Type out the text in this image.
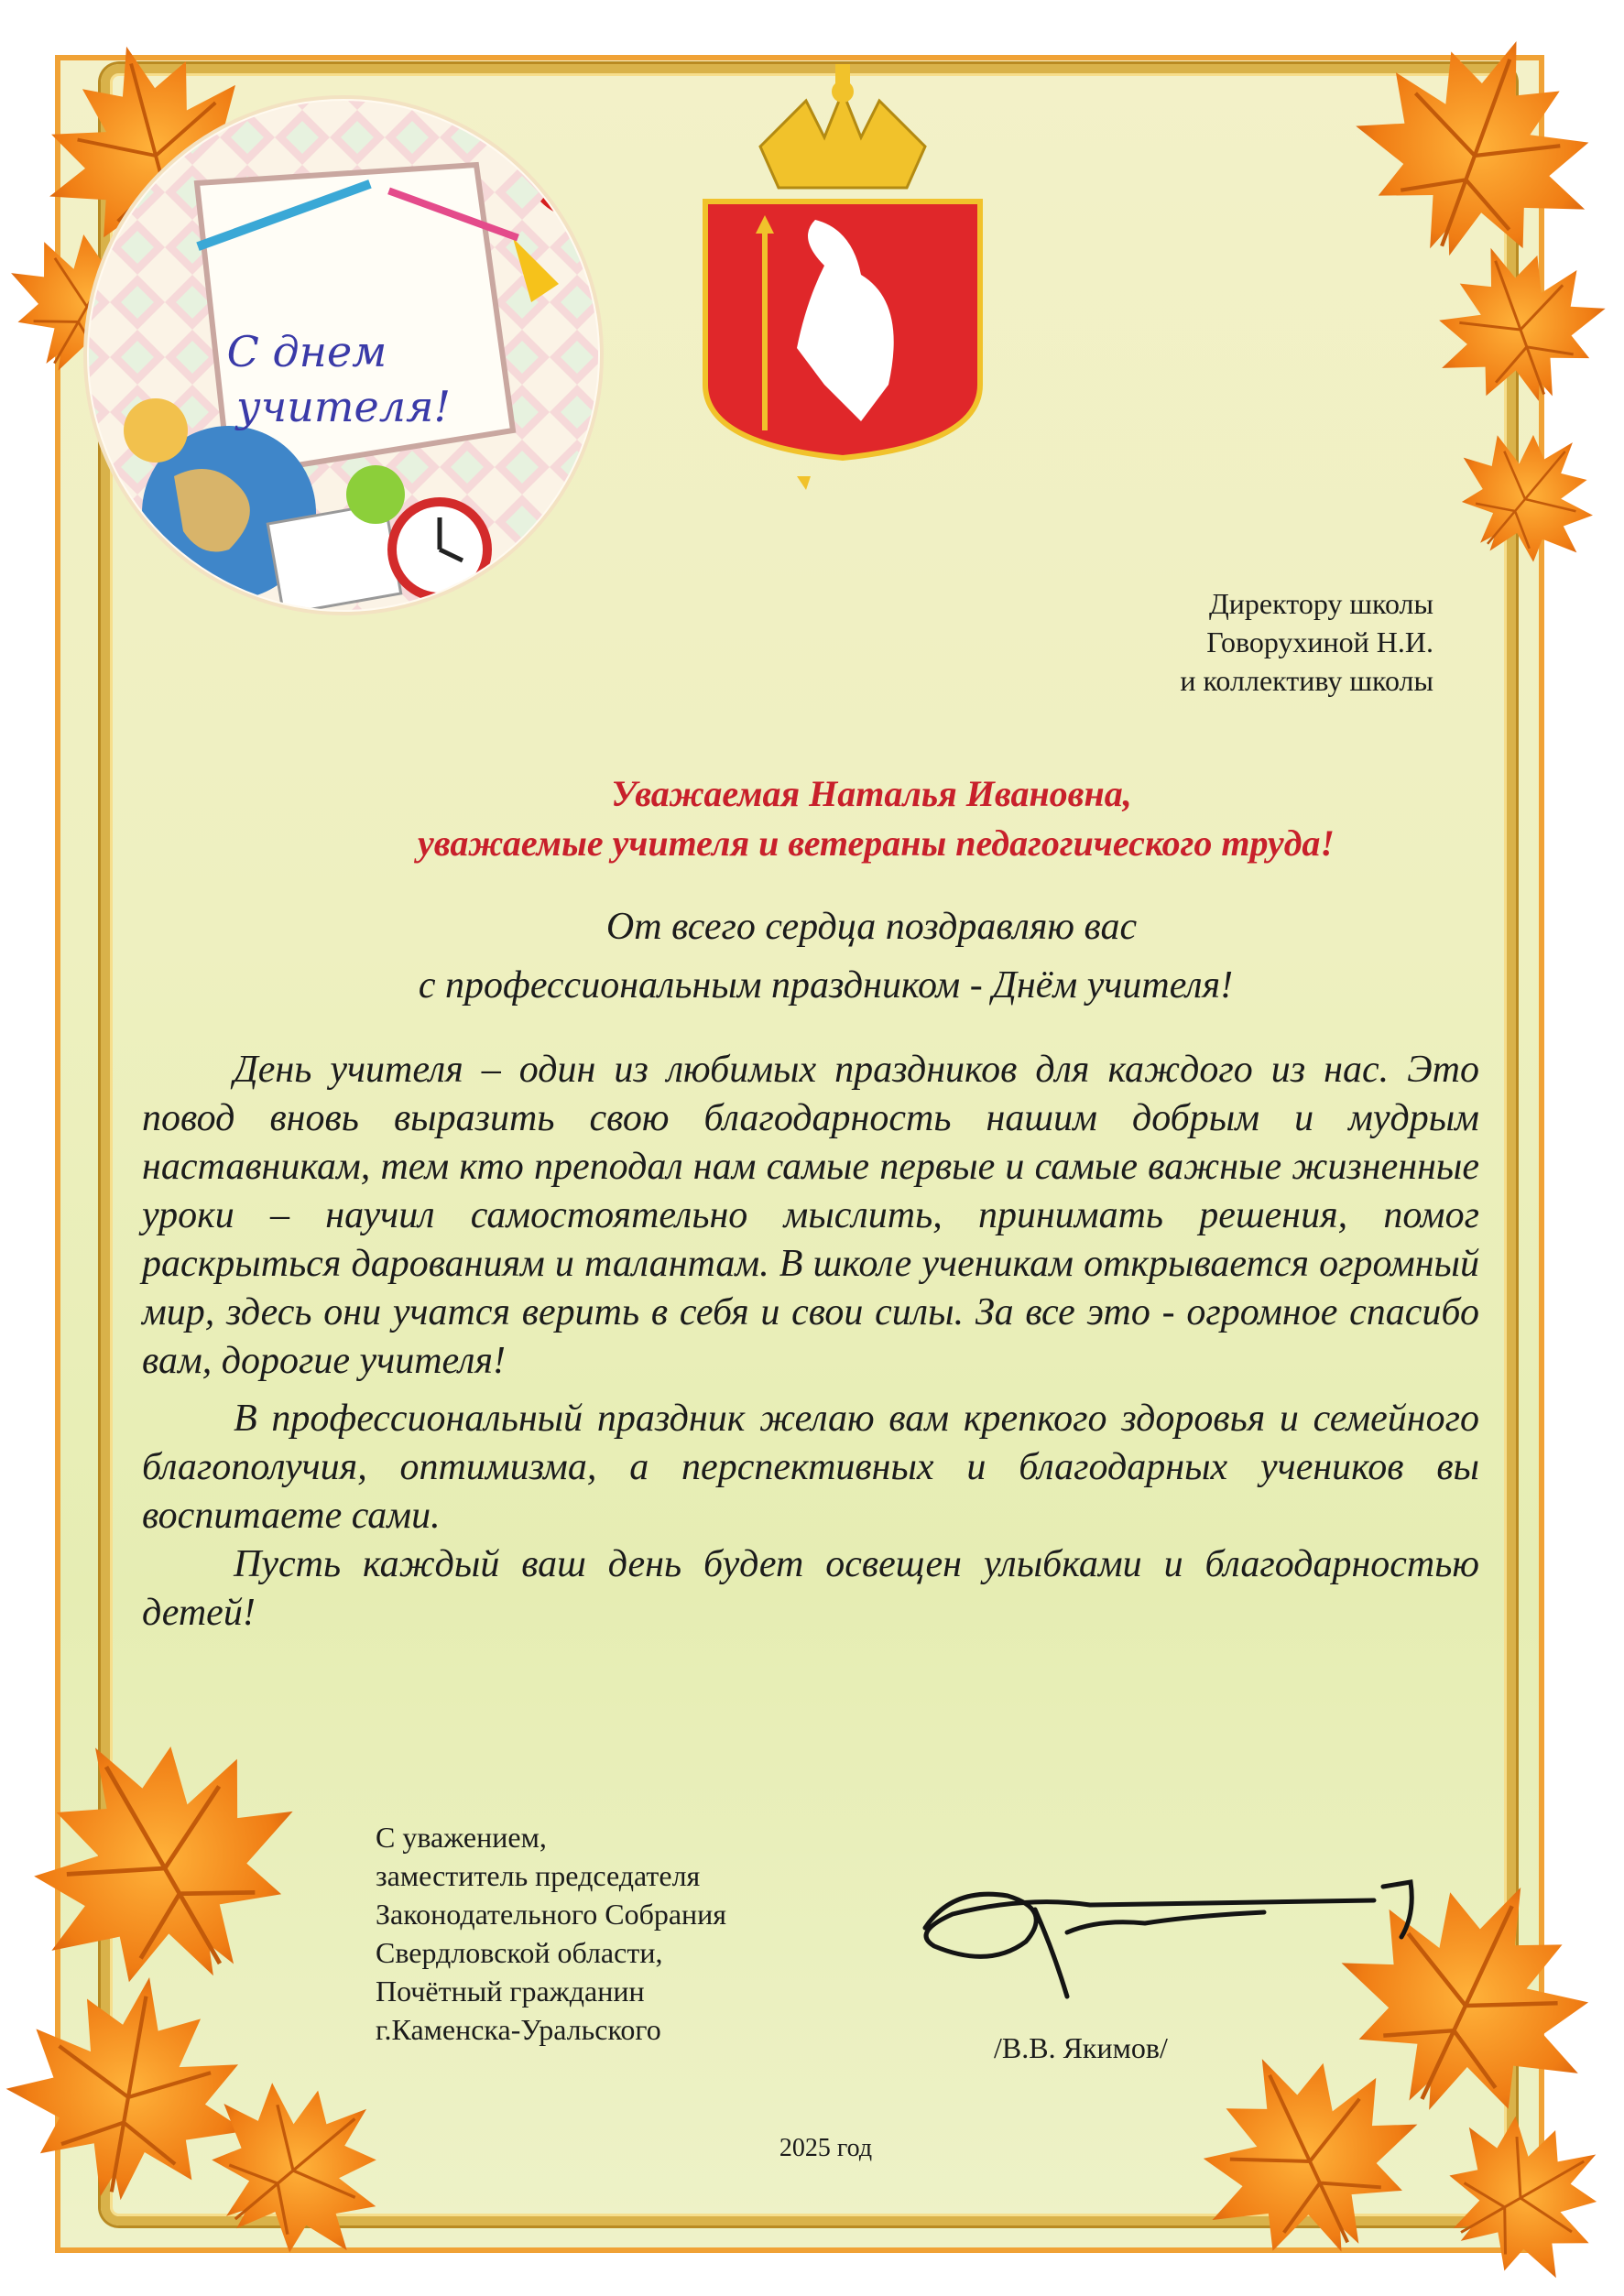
С днем
учителя!
Директору школы
Говорухиной Н.И.
и коллективу школы
Уважаемая Наталья Ивановна,
уважаемые учителя и ветераны педагогического труда!
От всего сердца поздравляю вас
с профессиональным праздником - Днём учителя!

День учителя – один из любимых праздников для каждого из нас. Это повод вновь выразить свою благодарность нашим добрым и мудрым наставникам, тем кто преподал нам самые первые и самые важные жизненные уроки – научил самостоятельно мыслить, принимать решения, помог раскрыться дарованиям и талантам. В школе ученикам открывается огромный мир, здесь они учатся верить в себя и свои силы. За все это - огромное спасибо вам, дорогие учителя!

В профессиональный праздник желаю вам крепкого здоровья и семейного благополучия, оптимизма, а перспективных и благодарных учеников вы воспитаете сами.

Пусть каждый ваш день будет освещен улыбками и благодарностью детей!

С уважением,
заместитель председателя
Законодательного Собрания
Свердловской области,
Почётный гражданин
г.Каменска-Уральского
/В.В. Якимов/
2025 год
